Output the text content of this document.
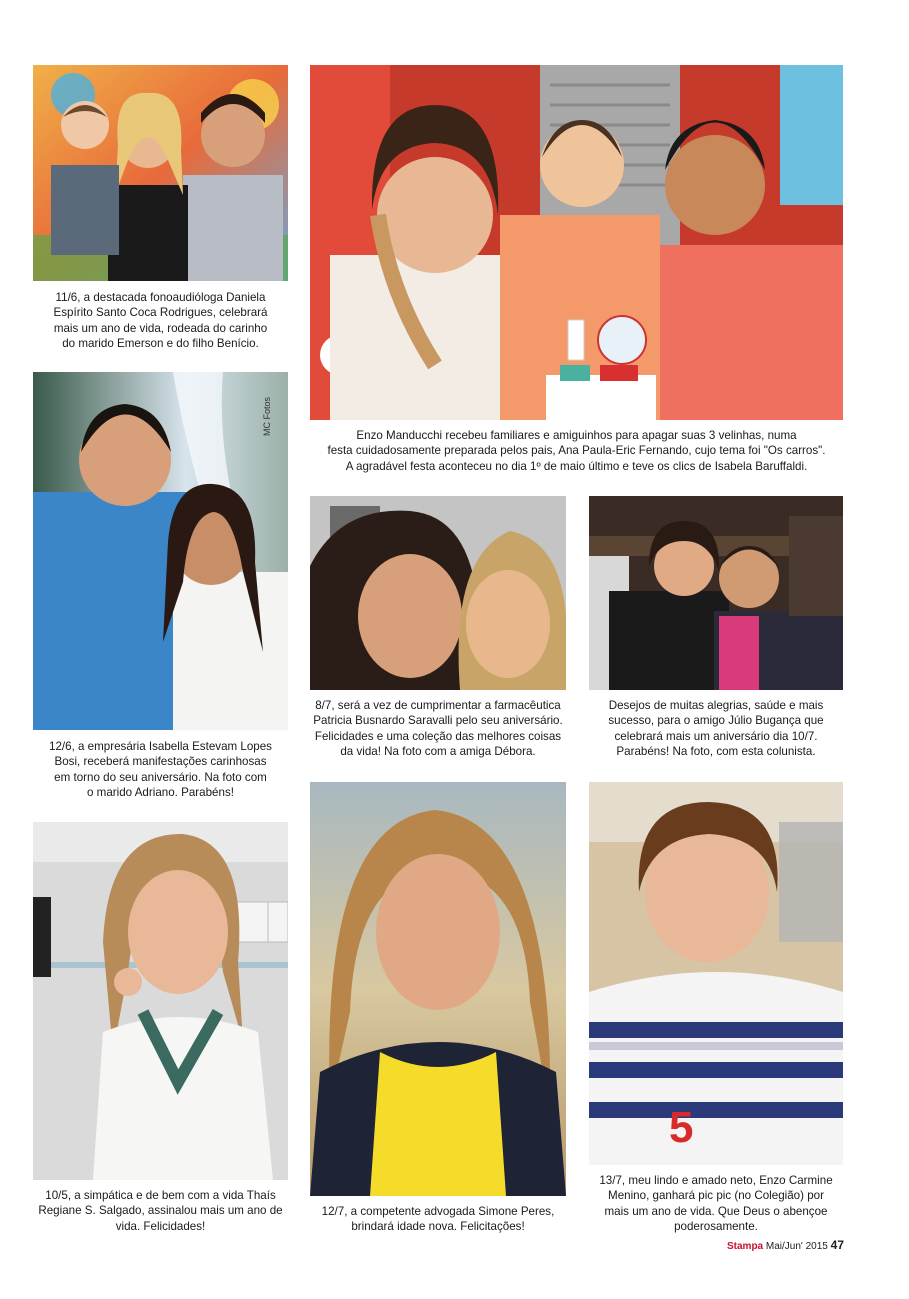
11/6, a destacada fonoaudióloga Daniela
Espírito Santo Coca Rodrigues, celebrará
mais um ano de vida, rodeada do carinho
do marido Emerson e do filho Benício.
Enzo Manducchi recebeu familiares e amiguinhos para apagar suas 3 velinhas, numa
festa cuidadosamente preparada pelos pais, Ana Paula-Eric Fernando, cujo tema foi "Os carros".
A agradável festa aconteceu no dia 1º de maio último e teve os clics de Isabela Baruffaldi.
MC Fotos
12/6, a empresária Isabella Estevam Lopes
Bosi, receberá manifestações carinhosas
em torno do seu aniversário. Na foto com
o marido Adriano. Parabéns!
8/7, será a vez de cumprimentar a farmacêutica
Patricia Busnardo Saravalli pelo seu aniversário.
Felicidades e uma coleção das melhores coisas
da vida! Na foto com a amiga Débora.
Desejos de muitas alegrias, saúde e mais
sucesso, para o amigo Júlio Bugança que
celebrará mais um aniversário dia 10/7.
Parabéns! Na foto, com esta colunista.
10/5, a simpática e de bem com a vida Thaís
Regiane S. Salgado, assinalou mais um ano de
vida. Felicidades!
12/7, a competente advogada Simone Peres,
brindará idade nova. Felicitações!
5
13/7, meu lindo e amado neto, Enzo Carmine
Menino, ganhará pic pic (no Colegião) por
mais um ano de vida. Que Deus o abençoe
poderosamente.
Stampa Mai/Jun' 2015 47
